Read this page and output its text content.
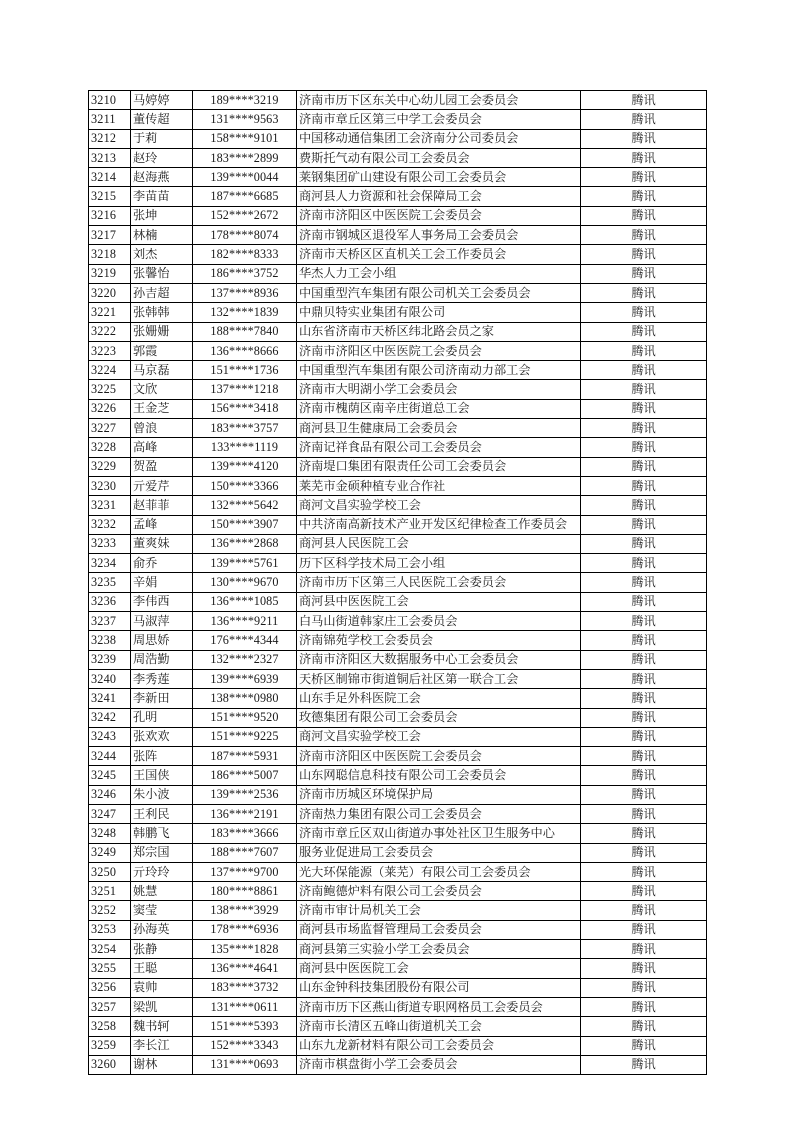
3210	马婷婷	189****3219	济南市历下区东关中心幼儿园工会委员会	腾讯
3211	董传超	131****9563	济南市章丘区第三中学工会委员会	腾讯
3212	于莉	158****9101	中国移动通信集团工会济南分公司委员会	腾讯
3213	赵玲	183****2899	费斯托气动有限公司工会委员会	腾讯
3214	赵海燕	139****0044	莱钢集团矿山建设有限公司工会委员会	腾讯
3215	李苗苗	187****6685	商河县人力资源和社会保障局工会	腾讯
3216	张坤	152****2672	济南市济阳区中医医院工会委员会	腾讯
3217	林楠	178****8074	济南市钢城区退役军人事务局工会委员会	腾讯
3218	刘杰	182****8333	济南市天桥区区直机关工会工作委员会	腾讯
3219	张馨怡	186****3752	华杰人力工会小组	腾讯
3220	孙吉超	137****8936	中国重型汽车集团有限公司机关工会委员会	腾讯
3221	张韩韩	132****1839	中鼎贝特实业集团有限公司	腾讯
3222	张姗姗	188****7840	山东省济南市天桥区纬北路会员之家	腾讯
3223	郭霞	136****8666	济南市济阳区中医医院工会委员会	腾讯
3224	马京磊	151****1736	中国重型汽车集团有限公司济南动力部工会	腾讯
3225	文欣	137****1218	济南市大明湖小学工会委员会	腾讯
3226	王金芝	156****3418	济南市槐荫区南辛庄街道总工会	腾讯
3227	曾浪	183****3757	商河县卫生健康局工会委员会	腾讯
3228	高峰	133****1119	济南记祥食品有限公司工会委员会	腾讯
3229	贺盈	139****4120	济南堤口集团有限责任公司工会委员会	腾讯
3230	亓爱芹	150****3366	莱芜市金硕种植专业合作社	腾讯
3231	赵菲菲	132****5642	商河文昌实验学校工会	腾讯
3232	孟峰	150****3907	中共济南高新技术产业开发区纪律检查工作委员会	腾讯
3233	董爽妹	136****2868	商河县人民医院工会	腾讯
3234	俞乔	139****5761	历下区科学技术局工会小组	腾讯
3235	辛娟	130****9670	济南市历下区第三人民医院工会委员会	腾讯
3236	李伟西	136****1085	商河县中医医院工会	腾讯
3237	马淑萍	136****9211	白马山街道韩家庄工会委员会	腾讯
3238	周思娇	176****4344	济南锦苑学校工会委员会	腾讯
3239	周浩勤	132****2327	济南市济阳区大数据服务中心工会委员会	腾讯
3240	李秀莲	139****6939	天桥区制锦市街道铜后社区第一联合工会	腾讯
3241	李新田	138****0980	山东手足外科医院工会	腾讯
3242	孔明	151****9520	玫德集团有限公司工会委员会	腾讯
3243	张欢欢	151****9225	商河文昌实验学校工会	腾讯
3244	张阵	187****5931	济南市济阳区中医医院工会委员会	腾讯
3245	王国侠	186****5007	山东网聪信息科技有限公司工会委员会	腾讯
3246	朱小波	139****2536	济南市历城区环境保护局	腾讯
3247	王利民	136****2191	济南热力集团有限公司工会委员会	腾讯
3248	韩鹏飞	183****3666	济南市章丘区双山街道办事处社区卫生服务中心	腾讯
3249	郑宗国	188****7607	服务业促进局工会委员会	腾讯
3250	亓玲玲	137****9700	光大环保能源（莱芜）有限公司工会委员会	腾讯
3251	姚慧	180****8861	济南鲍德炉料有限公司工会委员会	腾讯
3252	窦莹	138****3929	济南市审计局机关工会	腾讯
3253	孙海英	178****6936	商河县市场监督管理局工会委员会	腾讯
3254	张静	135****1828	商河县第三实验小学工会委员会	腾讯
3255	王聪	136****4641	商河县中医医院工会	腾讯
3256	袁帅	183****3732	山东金钟科技集团股份有限公司	腾讯
3257	梁凯	131****0611	济南市历下区燕山街道专职网格员工会委员会	腾讯
3258	魏书轲	151****5393	济南市长清区五峰山街道机关工会	腾讯
3259	李长江	152****3343	山东九龙新材料有限公司工会委员会	腾讯
3260	谢林	131****0693	济南市棋盘街小学工会委员会	腾讯
